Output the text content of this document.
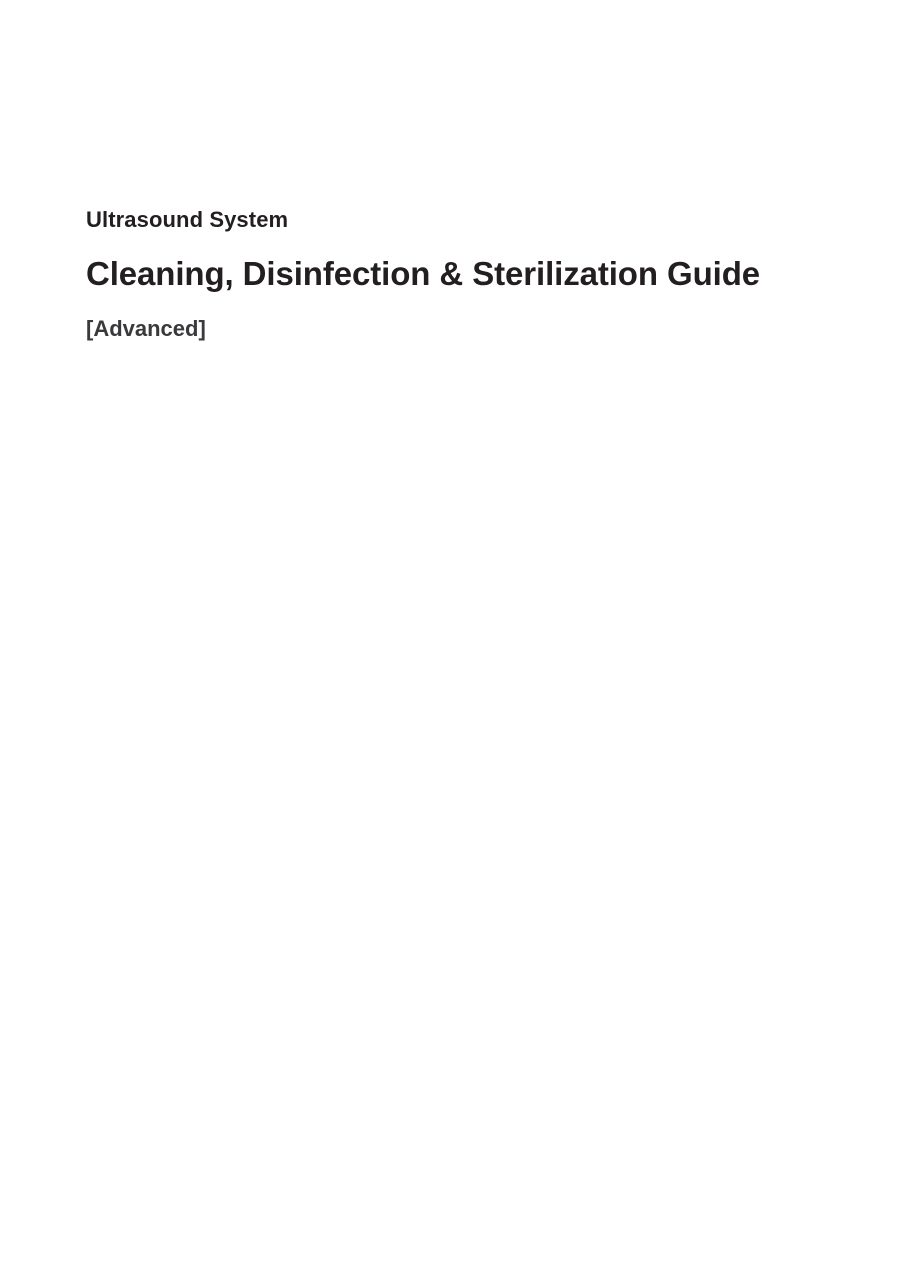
Ultrasound System

Cleaning, Disinfection & Sterilization Guide

[Advanced]
